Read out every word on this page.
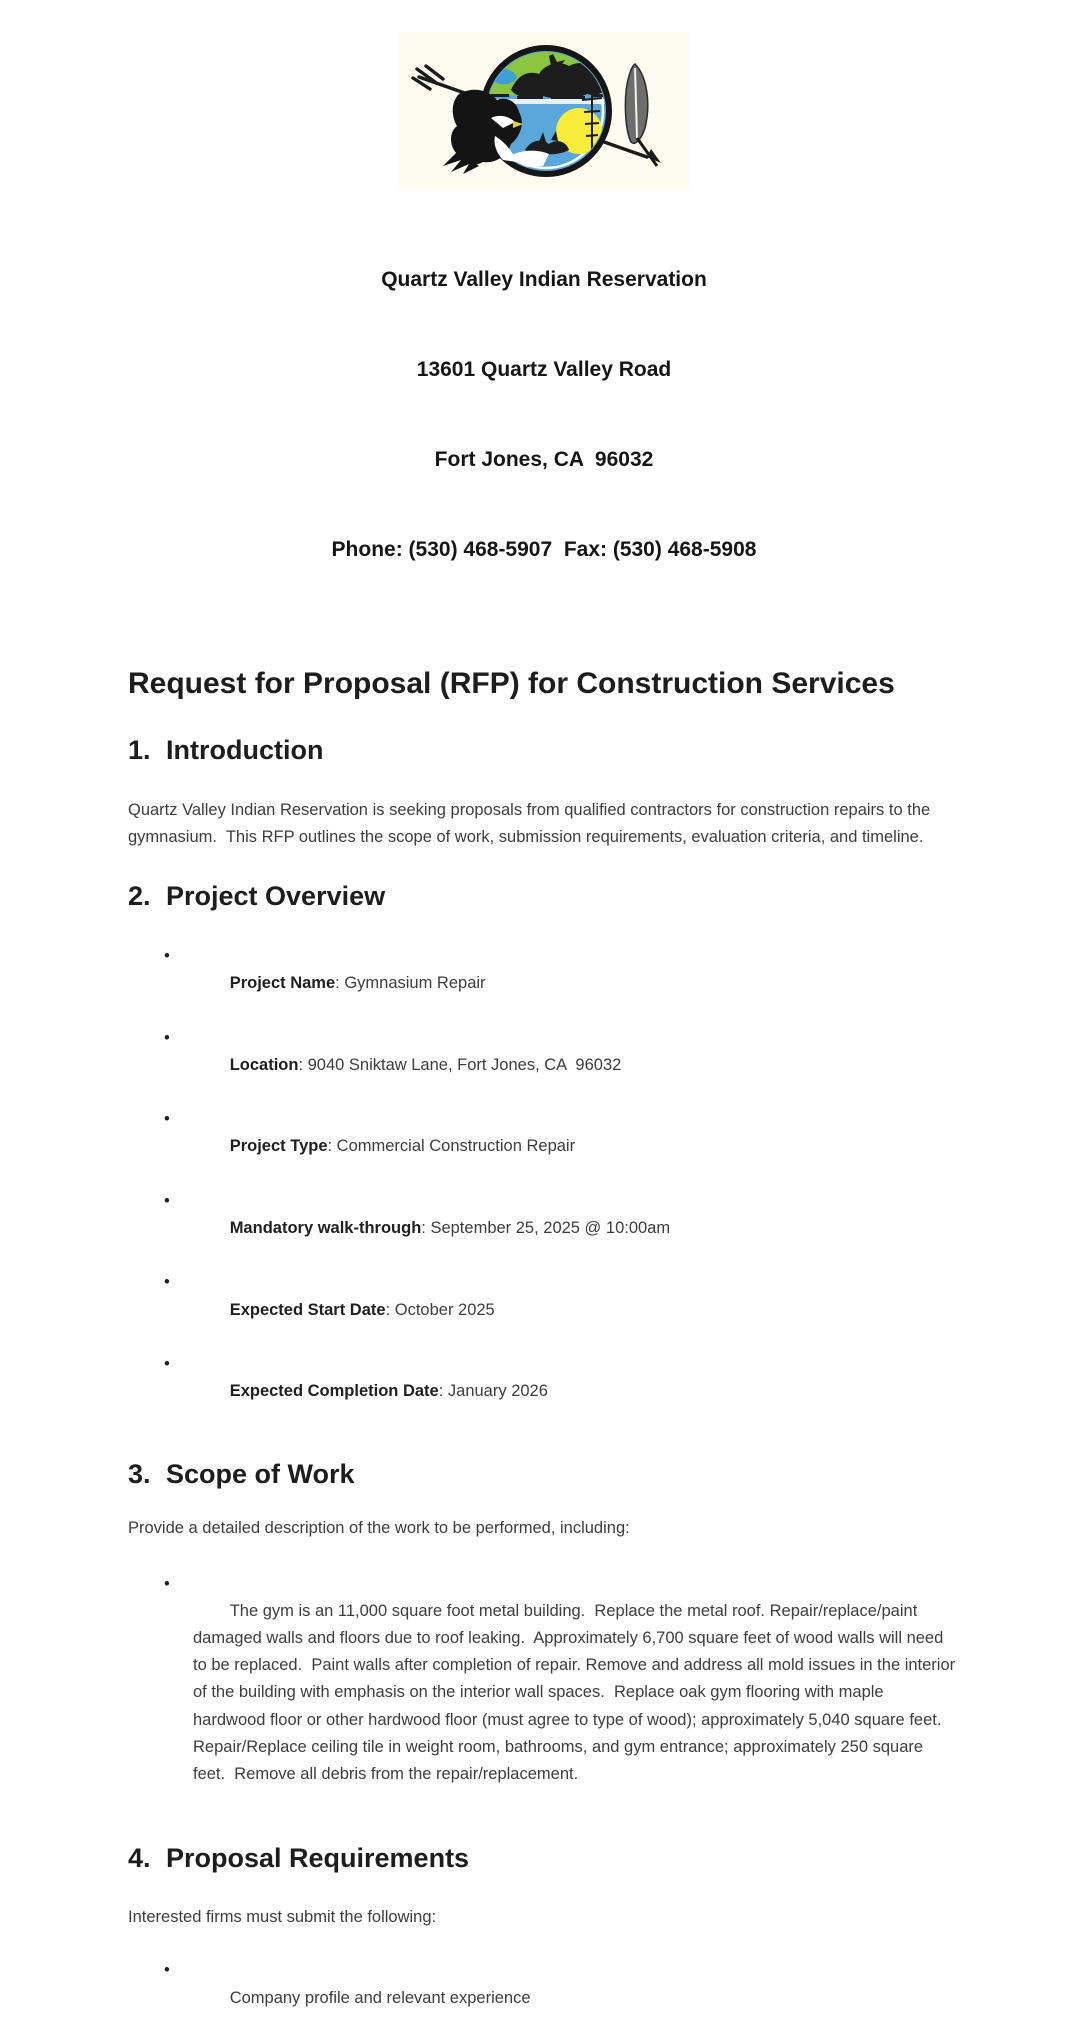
Quartz Valley Indian Reservation

13601 Quartz Valley Road

Fort Jones, CA  96032

Phone: (530) 468-5907  Fax: (530) 468-5908

Request for Proposal (RFP) for Construction Services
1. Introduction

Quartz Valley Indian Reservation is seeking proposals from qualified contractors for construction repairs to the gymnasium.  This RFP outlines the scope of work, submission requirements, evaluation criteria, and timeline.

2. Project Overview

•
Project Name: Gymnasium Repair

•
Location: 9040 Sniktaw Lane, Fort Jones, CA  96032

•
Project Type: Commercial Construction Repair

•
Mandatory walk-through: September 25, 2025 @ 10:00am

•
Expected Start Date: October 2025

•
Expected Completion Date: January 2026

3. Scope of Work

Provide a detailed description of the work to be performed, including:

•
The gym is an 11,000 square foot metal building.  Replace the metal roof. Repair/replace/paint damaged walls and floors due to roof leaking.  Approximately 6,700 square feet of wood walls will need to be replaced.  Paint walls after completion of repair. Remove and address all mold issues in the interior of the building with emphasis on the interior wall spaces.  Replace oak gym flooring with maple hardwood floor or other hardwood floor (must agree to type of wood); approximately 5,040 square feet. Repair/Replace ceiling tile in weight room, bathrooms, and gym entrance; approximately 250 square feet.  Remove all debris from the repair/replacement.

4. Proposal Requirements

Interested firms must submit the following:

•
Company profile and relevant experience
